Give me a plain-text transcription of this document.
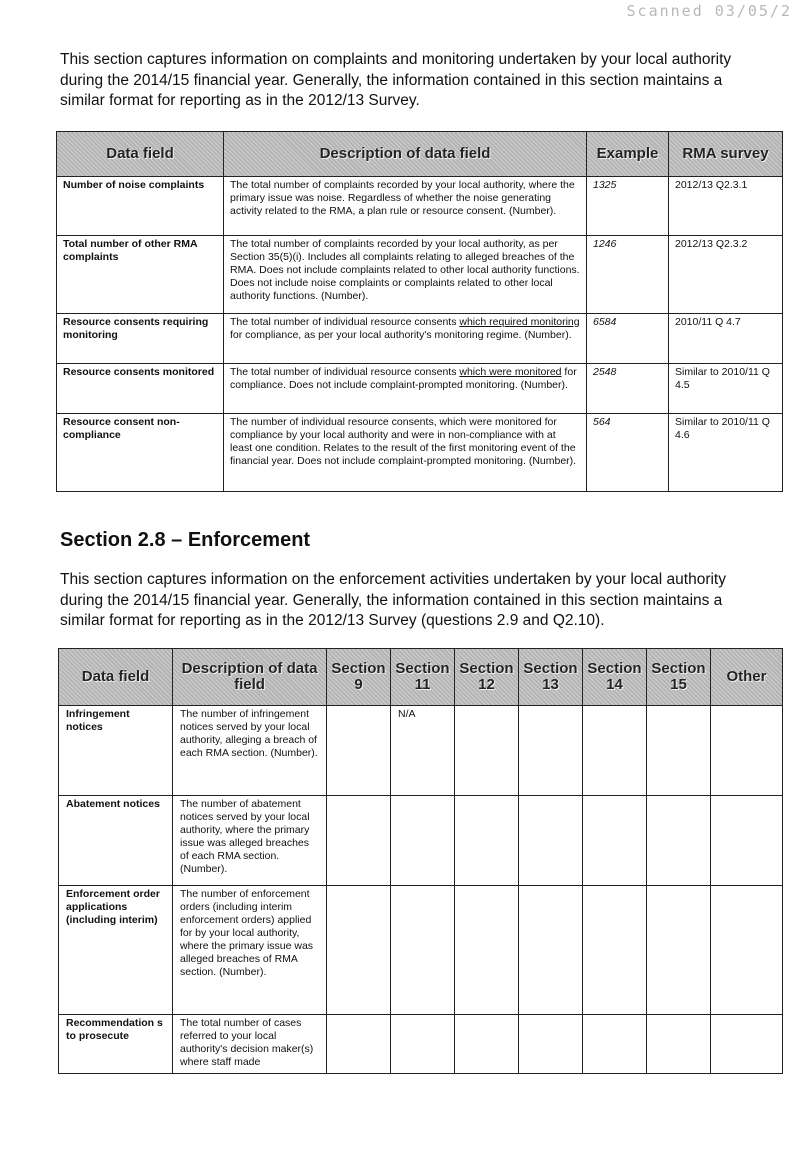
Scanned 03/05/2

This section captures information on complaints and monitoring undertaken by your local authority during the 2014/15 financial year. Generally, the information contained in this section maintains a similar format for reporting as in the 2012/13 Survey.

Data field	Description of data field	Example	RMA survey
Number of noise complaints	The total number of complaints recorded by your local authority, where the primary issue was noise. Regardless of whether the noise generating activity related to the RMA, a plan rule or resource consent. (Number).	1325	2012/13 Q2.3.1
Total number of other RMA complaints	The total number of complaints recorded by your local authority, as per Section 35(5)(i). Includes all complaints relating to alleged breaches of the RMA. Does not include complaints related to other local authority functions. Does not include noise complaints or complaints related to other local authority functions. (Number).	1246	2012/13 Q2.3.2
Resource consents requiring monitoring	The total number of individual resource consents which required monitoring for compliance, as per your local authority's monitoring regime. (Number).	6584	2010/11 Q 4.7
Resource consents monitored	The total number of individual resource consents which were monitored for compliance. Does not include complaint-prompted monitoring. (Number).	2548	Similar to 2010/11 Q 4.5
Resource consent non-compliance	The number of individual resource consents, which were monitored for compliance by your local authority and were in non-compliance with at least one condition. Relates to the result of the first monitoring event of the financial year. Does not include complaint-prompted monitoring. (Number).	564	Similar to 2010/11 Q 4.6
Section 2.8 – Enforcement

This section captures information on the enforcement activities undertaken by your local authority during the 2014/15 financial year. Generally, the information contained in this section maintains a similar format for reporting as in the 2012/13 Survey (questions 2.9 and Q2.10).

Data field	Description of data field	Section 9	Section 11	Section 12	Section 13	Section 14	Section 15	Other
Infringement notices	The number of infringement notices served by your local authority, alleging a breach of each RMA section. (Number).		N/A					
Abatement notices	The number of abatement notices served by your local authority, where the primary issue was alleged breaches of each RMA section. (Number).							
Enforcement order applications (including interim)	The number of enforcement orders (including interim enforcement orders) applied for by your local authority, where the primary issue was alleged breaches of RMA section. (Number).							
Recommendation s to prosecute	The total number of cases referred to your local authority's decision maker(s) where staff made							
